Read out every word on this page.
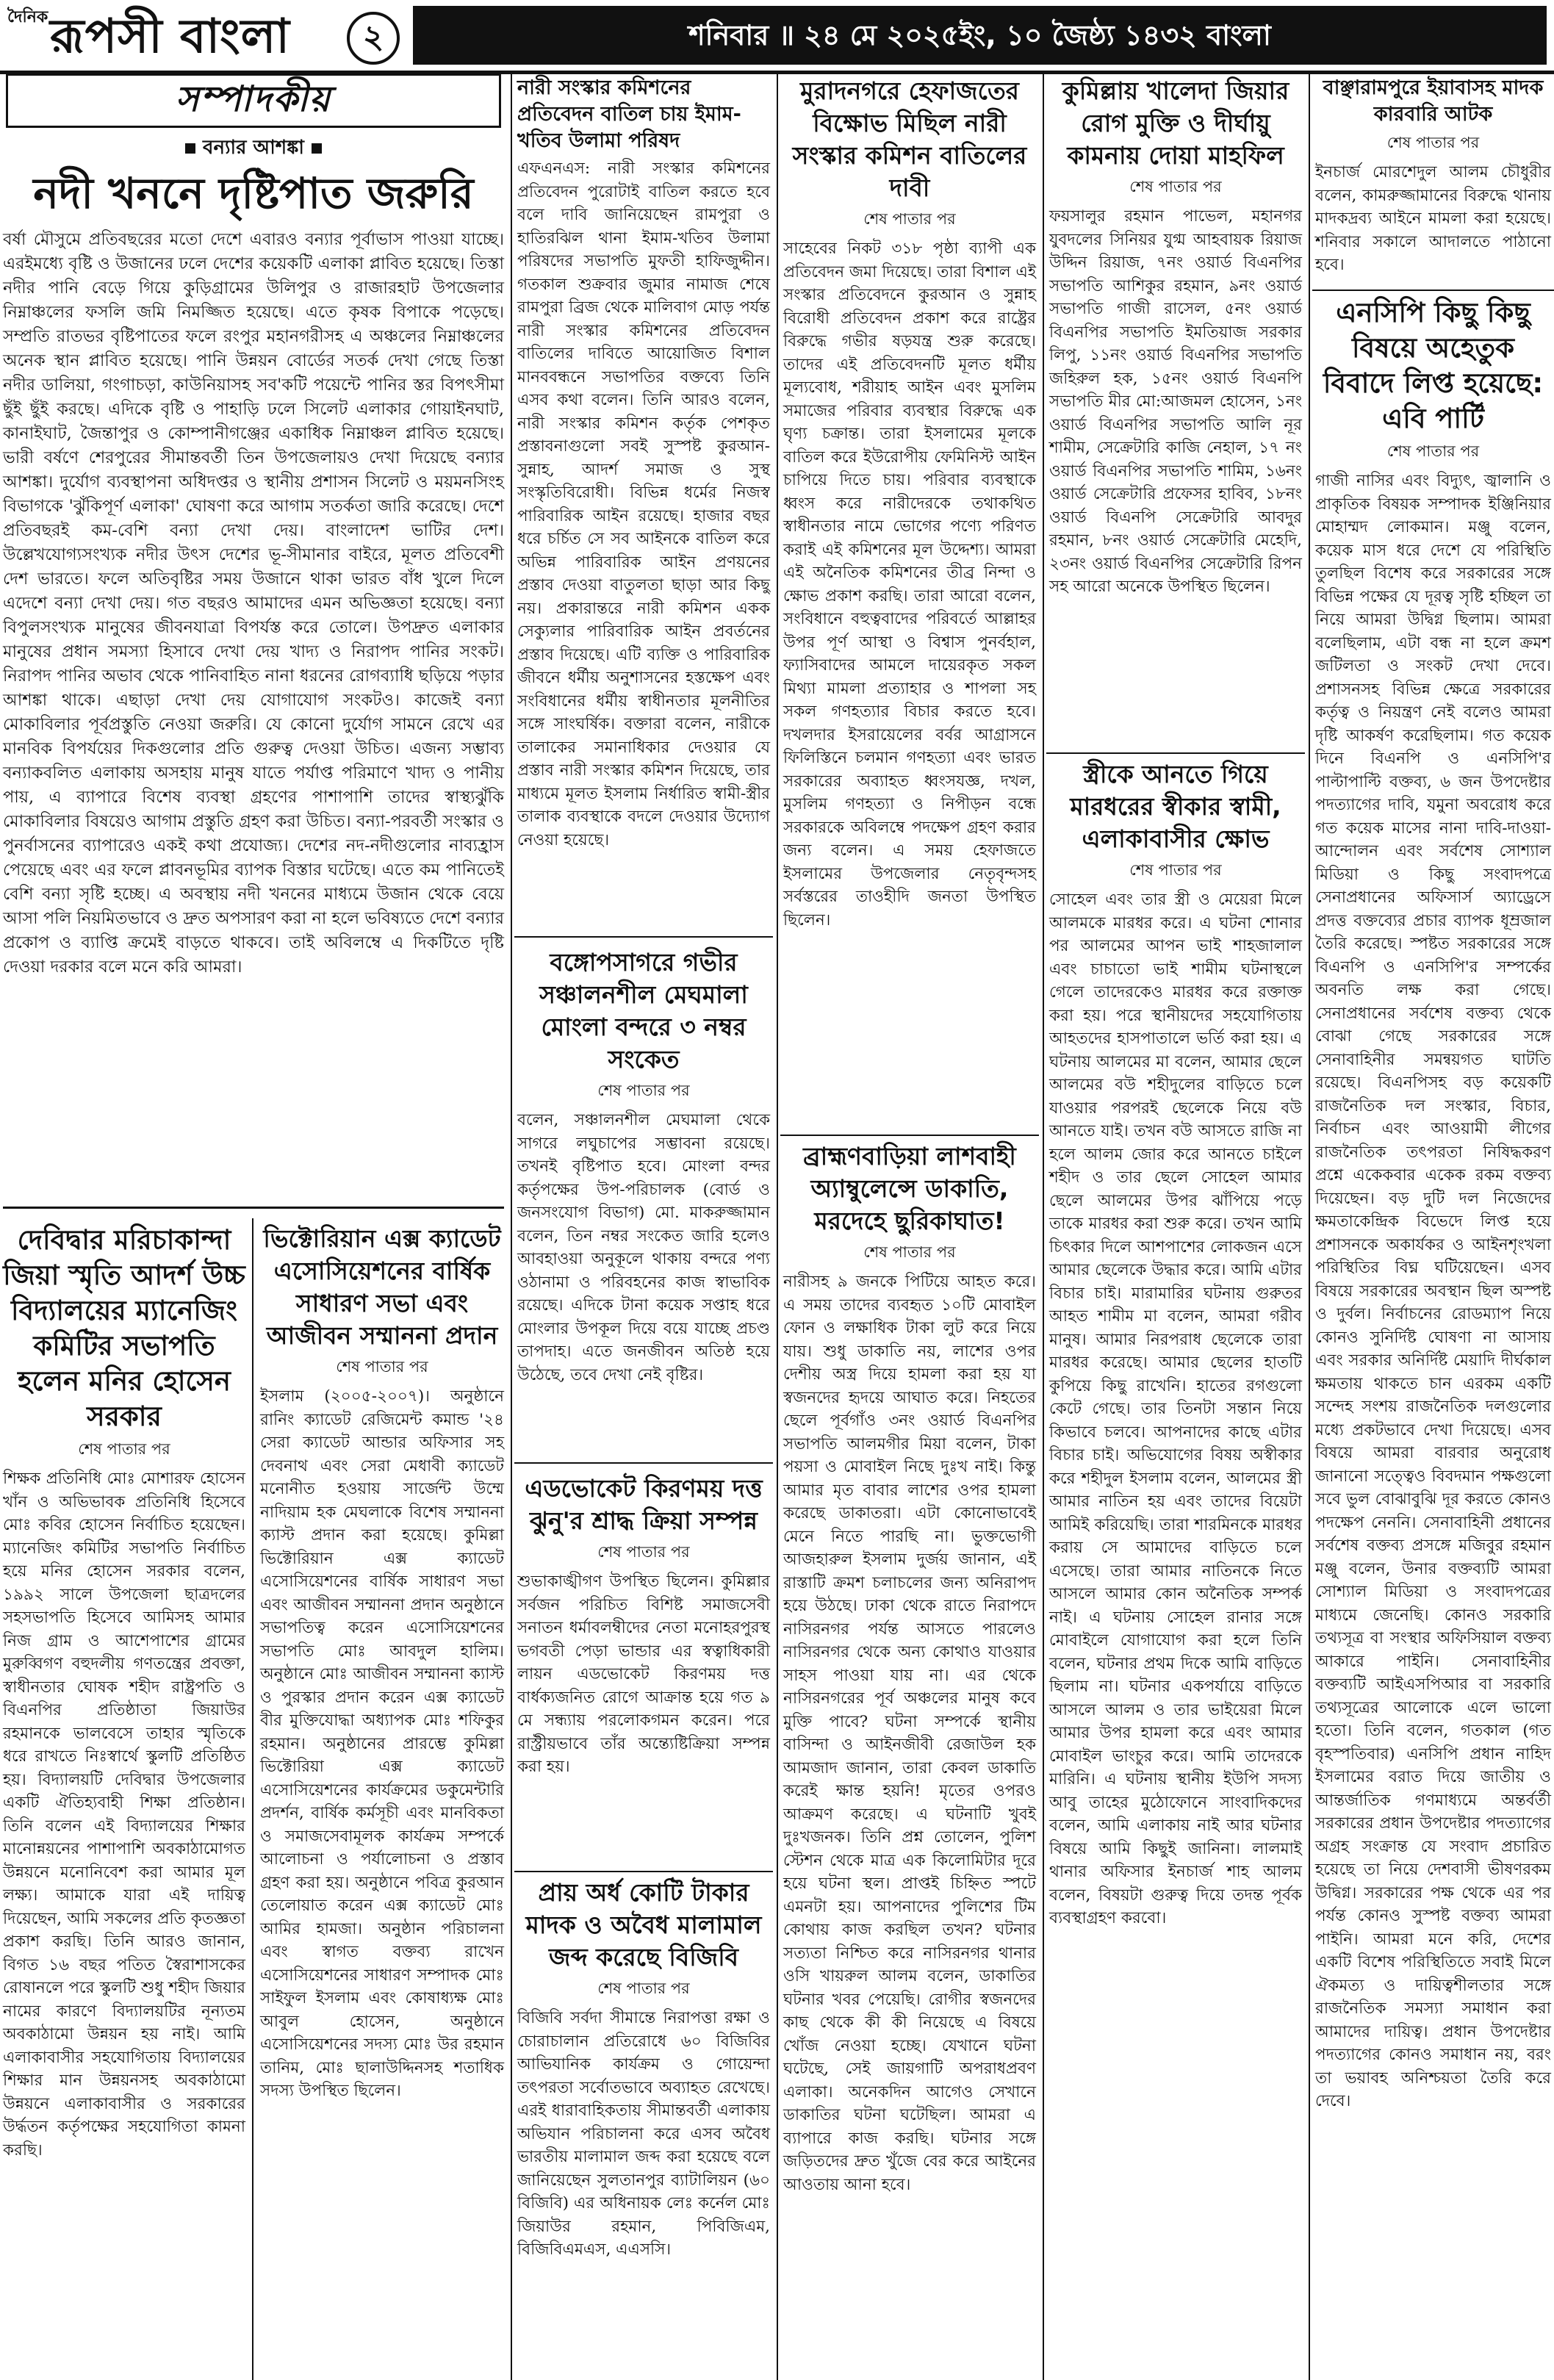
দৈনিক রূপসী বাংলা	২	শনিবার ॥ ২৪ মে ২০২৫ইং, ১০ জৈষ্ঠ্য ১৪৩২ বাংলা
সম্পাদকীয়
বন্যার আশঙ্কা
নদী খননে দৃষ্টিপাত জরুরি

বর্ষা মৌসুমে প্রতিবছরের মতো দেশে এবারও বন্যার পূর্বাভাস পাওয়া যাচ্ছে। এরইমধ্যে বৃষ্টি ও উজানের ঢলে দেশের কয়েকটি এলাকা প্লাবিত হয়েছে। তিস্তা নদীর পানি বেড়ে গিয়ে কুড়িগ্রামের উলিপুর ও রাজারহাট উপজেলার নিম্নাঞ্চলের ফসলি জমি নিমজ্জিত হয়েছে। এতে কৃষক বিপাকে পড়েছে। সম্প্রতি রাতভর বৃষ্টিপাতের ফলে রংপুর মহানগরীসহ এ অঞ্চলের নিম্নাঞ্চলের অনেক স্থান প্লাবিত হয়েছে। পানি উন্নয়ন বোর্ডের সতর্ক দেখা গেছে তিস্তা নদীর ডালিয়া, গংগাচড়া, কাউনিয়াসহ সব'কটি পয়েন্টে পানির স্তর বিপৎসীমা ছুঁই ছুঁই করছে। এদিকে বৃষ্টি ও পাহাড়ি ঢলে সিলেট এলাকার গোয়াইনঘাট, কানাইঘাট, জৈন্তাপুর ও কোম্পানীগঞ্জের একাধিক নিম্নাঞ্চল প্লাবিত হয়েছে। ভারী বর্ষণে শেরপুরের সীমান্তবর্তী তিন উপজেলায়ও দেখা দিয়েছে বন্যার আশঙ্কা। দুর্যোগ ব্যবস্থাপনা অধিদপ্তর ও স্থানীয় প্রশাসন সিলেট ও ময়মনসিংহ বিভাগকে 'ঝুঁকিপূর্ণ এলাকা' ঘোষণা করে আগাম সতর্কতা জারি করেছে। দেশে প্রতিবছরই কম-বেশি বন্যা দেখা দেয়। বাংলাদেশ ভাটির দেশ। উল্লেখযোগ্যসংখ্যক নদীর উৎস দেশের ভূ-সীমানার বাইরে, মূলত প্রতিবেশী দেশ ভারতে। ফলে অতিবৃষ্টির সময় উজানে থাকা ভারত বাঁধ খুলে দিলে এদেশে বন্যা দেখা দেয়। গত বছরও আমাদের এমন অভিজ্ঞতা হয়েছে। বন্যা বিপুলসংখ্যক মানুষের জীবনযাত্রা বিপর্যস্ত করে তোলে। উপদ্রুত এলাকার মানুষের প্রধান সমস্যা হিসাবে দেখা দেয় খাদ্য ও নিরাপদ পানির সংকট। নিরাপদ পানির অভাব থেকে পানিবাহিত নানা ধরনের রোগব্যাধি ছড়িয়ে পড়ার আশঙ্কা থাকে। এছাড়া দেখা দেয় যোগাযোগ সংকটও। কাজেই বন্যা মোকাবিলার পূর্বপ্রস্তুতি নেওয়া জরুরি। যে কোনো দুর্যোগ সামনে রেখে এর মানবিক বিপর্যয়ের দিকগুলোর প্রতি গুরুত্ব দেওয়া উচিত। এজন্য সম্ভাব্য বন্যাকবলিত এলাকায় অসহায় মানুষ যাতে পর্যাপ্ত পরিমাণে খাদ্য ও পানীয় পায়, এ ব্যাপারে বিশেষ ব্যবস্থা গ্রহণের পাশাপাশি তাদের স্বাস্থ্যঝুঁকি মোকাবিলার বিষয়েও আগাম প্রস্তুতি গ্রহণ করা উচিত। বন্যা-পরবর্তী সংস্কার ও পুনর্বাসনের ব্যাপারেও একই কথা প্রযোজ্য। দেশের নদ-নদীগুলোর নাব্যহ্রাস পেয়েছে এবং এর ফলে প্লাবনভূমির ব্যাপক বিস্তার ঘটেছে। এতে কম পানিতেই বেশি বন্যা সৃষ্টি হচ্ছে। এ অবস্থায় নদী খননের মাধ্যমে উজান থেকে বেয়ে আসা পলি নিয়মিতভাবে ও দ্রুত অপসারণ করা না হলে ভবিষ্যতে দেশে বন্যার প্রকোপ ও ব্যাপ্তি ক্রমেই বাড়তে থাকবে। তাই অবিলম্বে এ দিকটিতে দৃষ্টি দেওয়া দরকার বলে মনে করি আমরা।

দেবিদ্বার মরিচাকান্দা জিয়া স্মৃতি আদর্শ উচ্চ বিদ্যালয়ের ম্যানেজিং কমিটির সভাপতি হলেন মনির হোসেন সরকার
শেষ পাতার পর

শিক্ষক প্রতিনিধি মোঃ মোশারফ হোসেন খাঁন ও অভিভাবক প্রতিনিধি হিসেবে মোঃ কবির হোসেন নির্বাচিত হয়েছেন। ম্যানেজিং কমিটির সভাপতি নির্বাচিত হয়ে মনির হোসেন সরকার বলেন, ১৯৯২ সালে উপজেলা ছাত্রদলের সহসভাপতি হিসেবে আমিসহ আমার নিজ গ্রাম ও আশেপাশের গ্রামের মুরুব্বিগণ বহুদলীয় গণতন্ত্রের প্রবক্তা, স্বাধীনতার ঘোষক শহীদ রাষ্ট্রপতি ও বিএনপির প্রতিষ্ঠাতা জিয়াউর রহমানকে ভালবেসে তাহার স্মৃতিকে ধরে রাখতে নিঃস্বার্থে স্কুলটি প্রতিষ্ঠিত হয়। বিদ্যালয়টি দেবিদ্বার উপজেলার একটি ঐতিহ্যবাহী শিক্ষা প্রতিষ্ঠান। তিনি বলেন এই বিদ্যালয়ের শিক্ষার মানোন্নয়নের পাশাপাশি অবকাঠামোগত উন্নয়নে মনোনিবেশ করা আমার মূল লক্ষ্য। আমাকে যারা এই দায়িত্ব দিয়েছেন, আমি সকলের প্রতি কৃতজ্ঞতা প্রকাশ করছি। তিনি আরও জানান, বিগত ১৬ বছর পতিত স্বৈরাশাসকের রোষানলে পরে স্কুলটি শুধু শহীদ জিয়ার নামের কারণে বিদ্যালয়টির নূন্যতম অবকাঠামো উন্নয়ন হয় নাই। আমি এলাকাবাসীর সহযোগিতায় বিদ্যালয়ের শিক্ষার মান উন্নয়নসহ অবকাঠামো উন্নয়নে এলাকাবাসীর ও সরকারের উর্দ্ধতন কর্তৃপক্ষের সহযোগিতা কামনা করছি।

ভিক্টোরিয়ান এক্স ক্যাডেট এসোসিয়েশনের বার্ষিক সাধারণ সভা এবং আজীবন সম্মাননা প্রদান
শেষ পাতার পর

ইসলাম (২০০৫-২০০৭)। অনুষ্ঠানে রানিং ক্যাডেট রেজিমেন্ট কমান্ড '২৪ সেরা ক্যাডেট আন্ডার অফিসার সহ দেবনাথ এবং সেরা মেধাবী ক্যাডেট মনোনীত হওয়ায় সার্জেন্ট উম্মে নাদিয়াম হক মেঘলাকে বিশেষ সম্মাননা ক্যাস্ট প্রদান করা হয়েছে। কুমিল্লা ভিক্টোরিয়ান এক্স ক্যাডেট এসোসিয়েশনের বার্ষিক সাধারণ সভা এবং আজীবন সম্মাননা প্রদান অনুষ্ঠানে সভাপতিত্ব করেন এসোসিয়েশনের সভাপতি মোঃ আবদুল হালিম। অনুষ্ঠানে মোঃ আজীবন সম্মাননা ক্যাস্ট ও পুরস্কার প্রদান করেন এক্স ক্যাডেট বীর মুক্তিযোদ্ধা অধ্যাপক মোঃ শফিকুর রহমান। অনুষ্ঠানের প্রারম্ভে কুমিল্লা ভিক্টোরিয়া এক্স ক্যাডেট এসোসিয়েশনের কার্যক্রমের ডকুমেন্টারি প্রদর্শন, বার্ষিক কর্মসূচী এবং মানবিকতা ও সমাজসেবামূলক কার্যক্রম সম্পর্কে আলোচনা ও পর্যালোচনা ও প্রস্তাব গ্রহণ করা হয়। অনুষ্ঠানে পবিত্র কুরআন তেলোয়াত করেন এক্স ক্যাডেট মোঃ আমির হামজা। অনুষ্ঠান পরিচালনা এবং স্বাগত বক্তব্য রাখেন এসোসিয়েশনের সাধারণ সম্পাদক মোঃ সাইফুল ইসলাম এবং কোষাধ্যক্ষ মোঃ আবুল হোসেন, অনুষ্ঠানে এসোসিয়েশনের সদস্য মোঃ উর রহমান তানিম, মোঃ ছালাউদ্দিনসহ শতাধিক সদস্য উপস্থিত ছিলেন।

নারী সংস্কার কমিশনের প্রতিবেদন বাতিল চায় ইমাম-খতিব উলামা পরিষদ

এফএনএস: নারী সংস্কার কমিশনের প্রতিবেদন পুরোটাই বাতিল করতে হবে বলে দাবি জানিয়েছেন রামপুরা ও হাতিরঝিল থানা ইমাম-খতিব উলামা পরিষদের সভাপতি মুফতী হাফিজুদ্দীন। গতকাল শুক্রবার জুমার নামাজ শেষে রামপুরা ব্রিজ থেকে মালিবাগ মোড় পর্যন্ত নারী সংস্কার কমিশনের প্রতিবেদন বাতিলের দাবিতে আয়োজিত বিশাল মানববন্ধনে সভাপতির বক্তব্যে তিনি এসব কথা বলেন। তিনি আরও বলেন, নারী সংস্কার কমিশন কর্তৃক পেশকৃত প্রস্তাবনাগুলো সবই সুস্পষ্ট কুরআন-সুন্নাহ, আদর্শ সমাজ ও সুস্থ সংস্কৃতিবিরোধী। বিভিন্ন ধর্মের নিজস্ব পারিবারিক আইন রয়েছে। হাজার বছর ধরে চর্চিত সে সব আইনকে বাতিল করে অভিন্ন পারিবারিক আইন প্রণয়নের প্রস্তাব দেওয়া বাতুলতা ছাড়া আর কিছু নয়। প্রকারান্তরে নারী কমিশন একক সেক্যুলার পারিবারিক আইন প্রবর্তনের প্রস্তাব দিয়েছে। এটি ব্যক্তি ও পারিবারিক জীবনে ধর্মীয় অনুশাসনের হস্তক্ষেপ এবং সংবিধানের ধর্মীয় স্বাধীনতার মূলনীতির সঙ্গে সাংঘর্ষিক। বক্তারা বলেন, নারীকে তালাকের সমানাধিকার দেওয়ার যে প্রস্তাব নারী সংস্কার কমিশন দিয়েছে, তার মাধ্যমে মূলত ইসলাম নির্ধারিত স্বামী-স্ত্রীর তালাক ব্যবস্থাকে বদলে দেওয়ার উদ্যোগ নেওয়া হয়েছে।

বঙ্গোপসাগরে গভীর সঞ্চালনশীল মেঘমালা মোংলা বন্দরে ৩ নম্বর সংকেত
শেষ পাতার পর

বলেন, সঞ্চালনশীল মেঘমালা থেকে সাগরে লঘুচাপের সম্ভাবনা রয়েছে। তখনই বৃষ্টিপাত হবে। মোংলা বন্দর কর্তৃপক্ষের উপ-পরিচালক (বোর্ড ও জনসংযোগ বিভাগ) মো. মাকরুজ্জামান বলেন, তিন নম্বর সংকেত জারি হলেও আবহাওয়া অনুকূলে থাকায় বন্দরে পণ্য ওঠানামা ও পরিবহনের কাজ স্বাভাবিক রয়েছে। এদিকে টানা কয়েক সপ্তাহ ধরে মোংলার উপকূল দিয়ে বয়ে যাচ্ছে প্রচণ্ড তাপদাহ। এতে জনজীবন অতিষ্ঠ হয়ে উঠেছে, তবে দেখা নেই বৃষ্টির।

এডভোকেট কিরণময় দত্ত ঝুনু'র শ্রাদ্ধ ক্রিয়া সম্পন্ন
শেষ পাতার পর

শুভাকাঙ্খীগণ উপস্থিত ছিলেন। কুমিল্লার সর্বজন পরিচিত বিশিষ্ট সমাজসেবী সনাতন ধর্মাবলম্বীদের নেতা মনোহরপুরস্থ ভগবতী পেড়া ভান্ডার এর স্বত্বাধিকারী লায়ন এডভোকেট কিরণময় দত্ত বার্ধক্যজনিত রোগে আক্রান্ত হয়ে গত ৯ মে সন্ধ্যায় পরলোকগমন করেন। পরে রাস্ট্রীয়ভাবে তাঁর অন্ত্যেষ্টিক্রিয়া সম্পন্ন করা হয়।

প্রায় অর্ধ কোটি টাকার মাদক ও অবৈধ মালামাল জব্দ করেছে বিজিবি
শেষ পাতার পর

বিজিবি সর্বদা সীমান্তে নিরাপত্তা রক্ষা ও চোরাচালান প্রতিরোধে ৬০ বিজিবির আভিযানিক কার্যক্রম ও গোয়েন্দা তৎপরতা সর্বোতভাবে অব্যাহত রেখেছে। এরই ধারাবাহিকতায় সীমান্তবর্তী এলাকায় অভিযান পরিচালনা করে এসব অবৈধ ভারতীয় মালামাল জব্দ করা হয়েছে বলে জানিয়েছেন সুলতানপুর ব্যাটালিয়ন (৬০ বিজিবি) এর অধিনায়ক লেঃ কর্নেল মোঃ জিয়াউর রহমান, পিবিজিএম, বিজিবিএমএস, এএসসি।

মুরাদনগরে হেফাজতের বিক্ষোভ মিছিল নারী সংস্কার কমিশন বাতিলের দাবী
শেষ পাতার পর

সাহেবের নিকট ৩১৮ পৃষ্ঠা ব্যাপী এক প্রতিবেদন জমা দিয়েছে। তারা বিশাল এই সংস্কার প্রতিবেদনে কুরআন ও সুন্নাহ বিরোধী প্রতিবেদন প্রকাশ করে রাষ্ট্রের বিরুদ্ধে গভীর ষড়যন্ত্র শুরু করেছে। তাদের এই প্রতিবেদনটি মূলত ধর্মীয় মূল্যবোধ, শরীয়াহ আইন এবং মুসলিম সমাজের পরিবার ব্যবস্থার বিরুদ্ধে এক ঘৃণ্য চক্রান্ত। তারা ইসলামের মূলকে বাতিল করে ইউরোপীয় ফেমিনিস্ট আইন চাপিয়ে দিতে চায়। পরিবার ব্যবস্থাকে ধ্বংস করে নারীদেরকে তথাকথিত স্বাধীনতার নামে ভোগের পণ্যে পরিণত করাই এই কমিশনের মূল উদ্দেশ্য। আমরা এই অনৈতিক কমিশনের তীব্র নিন্দা ও ক্ষোভ প্রকাশ করছি। তারা আরো বলেন, সংবিধানে বহুত্ববাদের পরিবর্তে আল্লাহর উপর পূর্ণ আস্থা ও বিশ্বাস পুনর্বহাল, ফ্যাসিবাদের আমলে দায়েরকৃত সকল মিথ্যা মামলা প্রত্যাহার ও শাপলা সহ সকল গণহত্যার বিচার করতে হবে। দখলদার ইসরায়েলের বর্বর আগ্রাসনে ফিলিস্তিনে চলমান গণহত্যা এবং ভারত সরকারের অব্যাহত ধ্বংসযজ্ঞ, দখল, মুসলিম গণহত্যা ও নিপীড়ন বন্ধে সরকারকে অবিলম্বে পদক্ষেপ গ্রহণ করার জন্য বলেন। এ সময় হেফাজতে ইসলামের উপজেলার নেতৃবৃন্দসহ সর্বস্তরের তাওহীদি জনতা উপস্থিত ছিলেন।

ব্রাহ্মণবাড়িয়া লাশবাহী অ্যাম্বুলেন্সে ডাকাতি, মরদেহে ছুরিকাঘাত!
শেষ পাতার পর

নারীসহ ৯ জনকে পিটিয়ে আহত করে। এ সময় তাদের ব্যবহৃত ১০টি মোবাইল ফোন ও লক্ষাধিক টাকা লুট করে নিয়ে যায়। শুধু ডাকাতি নয়, লাশের ওপর দেশীয় অস্ত্র দিয়ে হামলা করা হয় যা স্বজনদের হৃদয়ে আঘাত করে। নিহতের ছেলে পূর্বগাঁও ৩নং ওয়ার্ড বিএনপির সভাপতি আলমগীর মিয়া বলেন, টাকা পয়সা ও মোবাইল নিছে দুঃখ নাই। কিন্তু আমার মৃত বাবার লাশের ওপর হামলা করেছে ডাকাতরা। এটা কোনোভাবেই মেনে নিতে পারছি না। ভুক্তভোগী আজহারুল ইসলাম দুর্জয় জানান, এই রাস্তাটি ক্রমশ চলাচলের জন্য অনিরাপদ হয়ে উঠছে। ঢাকা থেকে রাতে নিরাপদে নাসিরনগর পর্যন্ত আসতে পারলেও নাসিরনগর থেকে অন্য কোথাও যাওয়ার সাহস পাওয়া যায় না। এর থেকে নাসিরনগরের পূর্ব অঞ্চলের মানুষ কবে মুক্তি পাবে? ঘটনা সম্পর্কে স্থানীয় বাসিন্দা ও আইনজীবী রেজাউল হক আমজাদ জানান, তারা কেবল ডাকাতি করেই ক্ষান্ত হয়নি! মৃতের ওপরও আক্রমণ করেছে। এ ঘটনাটি খুবই দুঃখজনক। তিনি প্রশ্ন তোলেন, পুলিশ স্টেশন থেকে মাত্র এক কিলোমিটার দূরে হয়ে ঘটনা স্থল। প্রাপ্তই চিহ্নিত স্পটে এমনটা হয়। আপনাদের পুলিশের টিম কোথায় কাজ করছিল তখন? ঘটনার সত্যতা নিশ্চিত করে নাসিরনগর থানার ওসি খায়রুল আলম বলেন, ডাকাতির ঘটনার খবর পেয়েছি। রোগীর স্বজনদের কাছ থেকে কী কী নিয়েছে এ বিষয়ে খোঁজ নেওয়া হচ্ছে। যেখানে ঘটনা ঘটেছে, সেই জায়গাটি অপরাধপ্রবণ এলাকা। অনেকদিন আগেও সেখানে ডাকাতির ঘটনা ঘটেছিল। আমরা এ ব্যাপারে কাজ করছি। ঘটনার সঙ্গে জড়িতদের দ্রুত খুঁজে বের করে আইনের আওতায় আনা হবে।

কুমিল্লায় খালেদা জিয়ার রোগ মুক্তি ও দীর্ঘায়ু কামনায় দোয়া মাহফিল
শেষ পাতার পর

ফয়সালুর রহমান পাভেল, মহানগর যুবদলের সিনিয়র যুগ্ম আহবায়ক রিয়াজ উদ্দিন রিয়াজ, ৭নং ওয়ার্ড বিএনপির সভাপতি আশিকুর রহমান, ৯নং ওয়ার্ড সভাপতি গাজী রাসেল, ৫নং ওয়ার্ড বিএনপির সভাপতি ইমতিয়াজ সরকার লিপু, ১১নং ওয়ার্ড বিএনপির সভাপতি জহিরুল হক, ১৫নং ওয়ার্ড বিএনপি সভাপতি মীর মো:আজমল হোসেন, ১নং ওয়ার্ড বিএনপির সভাপতি আলি নূর শামীম, সেক্রেটারি কাজি নেহাল, ১৭ নং ওয়ার্ড বিএনপির সভাপতি শামিম, ১৬নং ওয়ার্ড সেক্রেটারি প্রফেসর হাবিব, ১৮নং ওয়ার্ড বিএনপি সেক্রেটারি আবদুর রহমান, ৮নং ওয়ার্ড সেক্রেটারি মেহেদি, ২৩নং ওয়ার্ড বিএনপির সেক্রেটারি রিপন সহ আরো অনেকে উপস্থিত ছিলেন।

স্ত্রীকে আনতে গিয়ে মারধরের স্বীকার স্বামী, এলাকাবাসীর ক্ষোভ
শেষ পাতার পর

সোহেল এবং তার স্ত্রী ও মেয়েরা মিলে আলমকে মারধর করে। এ ঘটনা শোনার পর আলমের আপন ভাই শাহজালাল এবং চাচাতো ভাই শামীম ঘটনাস্থলে গেলে তাদেরকেও মারধর করে রক্তাক্ত করা হয়। পরে স্থানীয়দের সহযোগিতায় আহতদের হাসপাতালে ভর্তি করা হয়। এ ঘটনায় আলমের মা বলেন, আমার ছেলে আলমের বউ শহীদুলের বাড়িতে চলে যাওয়ার পরপরই ছেলেকে নিয়ে বউ আনতে যাই। তখন বউ আসতে রাজি না হলে আলম জোর করে আনতে চাইলে শহীদ ও তার ছেলে সোহেল আমার ছেলে আলমের উপর ঝাঁপিয়ে পড়ে তাকে মারধর করা শুরু করে। তখন আমি চিৎকার দিলে আশপাশের লোকজন এসে আমার ছেলেকে উদ্ধার করে। আমি এটার বিচার চাই। মারামারির ঘটনায় গুরুতর আহত শামীম মা বলেন, আমরা গরীব মানুষ। আমার নিরপরাধ ছেলেকে তারা মারধর করেছে। আমার ছেলের হাতটি কুপিয়ে কিছু রাখেনি। হাতের রগগুলো কেটে গেছে। তার তিনটা সন্তান নিয়ে কিভাবে চলবে। আপনাদের কাছে এটার বিচার চাই। অভিযোগের বিষয় অস্বীকার করে শহীদুল ইসলাম বলেন, আলমের স্ত্রী আমার নাতিন হয় এবং তাদের বিয়েটা আমিই করিয়েছি। তারা শারমিনকে মারধর করায় সে আমাদের বাড়িতে চলে এসেছে। তারা আমার নাতিনকে নিতে আসলে আমার কোন অনৈতিক সম্পর্ক নাই। এ ঘটনায় সোহেল রানার সঙ্গে মোবাইলে যোগাযোগ করা হলে তিনি বলেন, ঘটনার প্রথম দিকে আমি বাড়িতে ছিলাম না। ঘটনার একপর্যায়ে বাড়িতে আসলে আলম ও তার ভাইয়েরা মিলে আমার উপর হামলা করে এবং আমার মোবাইল ভাংচুর করে। আমি তাদেরকে মারিনি। এ ঘটনায় স্থানীয় ইউপি সদস্য আবু তাহের মুঠোফোনে সাংবাদিকদের বলেন, আমি এলাকায় নাই আর ঘটনার বিষয়ে আমি কিছুই জানিনা। লালমাই থানার অফিসার ইনচার্জ শাহ আলম বলেন, বিষয়টা গুরুত্ব দিয়ে তদন্ত পূর্বক ব্যবস্থাগ্রহণ করবো।

বাঞ্ছারামপুরে ইয়াবাসহ মাদক কারবারি আটক
শেষ পাতার পর

ইনচার্জ মোরশেদুল আলম চৌধুরীর বলেন, কামরুজ্জামানের বিরুদ্ধে থানায় মাদকদ্রব্য আইনে মামলা করা হয়েছে। শনিবার সকালে আদালতে পাঠানো হবে।

এনসিপি কিছু কিছু বিষয়ে অহেতুক বিবাদে লিপ্ত হয়েছে: এবি পার্টি
শেষ পাতার পর

গাজী নাসির এবং বিদ্যুৎ, জ্বালানি ও প্রাকৃতিক বিষয়ক সম্পাদক ইঞ্জিনিয়ার মোহাম্মদ লোকমান। মঞ্জু বলেন, কয়েক মাস ধরে দেশে যে পরিস্থিতি তুলছিল বিশেষ করে সরকারের সঙ্গে বিভিন্ন পক্ষের যে দূরত্ব সৃষ্টি হচ্ছিল তা নিয়ে আমরা উদ্বিগ্ন ছিলাম। আমরা বলেছিলাম, এটা বন্ধ না হলে ক্রমশ জটিলতা ও সংকট দেখা দেবে। প্রশাসনসহ বিভিন্ন ক্ষেত্রে সরকারের কর্তৃত্ব ও নিয়ন্ত্রণ নেই বলেও আমরা দৃষ্টি আকর্ষণ করেছিলাম। গত কয়েক দিনে বিএনপি ও এনসিপি'র পাল্টাপাল্টি বক্তব্য, ৬ জন উপদেষ্টার পদত্যাগের দাবি, যমুনা অবরোধ করে গত কয়েক মাসের নানা দাবি-দাওয়া-আন্দোলন এবং সর্বশেষ সোশ্যাল মিডিয়া ও কিছু সংবাদপত্রে সেনাপ্রধানের অফিসার্স অ্যাড্রেসে প্রদত্ত বক্তব্যের প্রচার ব্যাপক ধূম্রজাল তৈরি করেছে। স্পষ্টত সরকারের সঙ্গে বিএনপি ও এনসিপি'র সম্পর্কের অবনতি লক্ষ করা গেছে। সেনাপ্রধানের সর্বশেষ বক্তব্য থেকে বোঝা গেছে সরকারের সঙ্গে সেনাবাহিনীর সমন্বয়গত ঘাটতি রয়েছে। বিএনপিসহ বড় কয়েকটি রাজনৈতিক দল সংস্কার, বিচার, নির্বাচন এবং আওয়ামী লীগের রাজনৈতিক তৎপরতা নিষিদ্ধকরণ প্রশ্নে একেকবার একেক রকম বক্তব্য দিয়েছেন। বড় দুটি দল নিজেদের ক্ষমতাকেন্দ্রিক বিভেদে লিপ্ত হয়ে প্রশাসনকে অকার্যকর ও আইনশৃংখলা পরিস্থিতির বিঘ্ন ঘটিয়েছেন। এসব বিষয়ে সরকারের অবস্থান ছিল অস্পষ্ট ও দুর্বল। নির্বাচনের রোডম্যাপ নিয়ে কোনও সুনির্দিষ্ট ঘোষণা না আসায় এবং সরকার অনির্দিষ্ট মেয়াদি দীর্ঘকাল ক্ষমতায় থাকতে চান এরকম একটি সন্দেহ সংশয় রাজনৈতিক দলগুলোর মধ্যে প্রকটভাবে দেখা দিয়েছে। এসব বিষয়ে আমরা বারবার অনুরোধ জানানো সত্ত্বেও বিবদমান পক্ষগুলো সবে ভুল বোঝাবুঝি দূর করতে কোনও পদক্ষেপ নেননি। সেনাবাহিনী প্রধানের সর্বশেষ বক্তব্য প্রসঙ্গে মজিবুর রহমান মঞ্জু বলেন, উনার বক্তব্যটি আমরা সোশ্যাল মিডিয়া ও সংবাদপত্রের মাধ্যমে জেনেছি। কোনও সরকারি তথ্যসূত্র বা সংস্থার অফিসিয়াল বক্তব্য আকারে পাইনি। সেনাবাহিনীর বক্তব্যটি আইএসপিআর বা সরকারি তথ্যসূত্রের আলোকে এলে ভালো হতো। তিনি বলেন, গতকাল (গত বৃহস্পতিবার) এনসিপি প্রধান নাহিদ ইসলামের বরাত দিয়ে জাতীয় ও আন্তর্জাতিক গণমাধ্যমে অন্তর্বর্তী সরকারের প্রধান উপদেষ্টার পদত্যাগের অগ্রহ সংক্রান্ত যে সংবাদ প্রচারিত হয়েছে তা নিয়ে দেশবাসী ভীষণরকম উদ্বিগ্ন। সরকারের পক্ষ থেকে এর পর পর্যন্ত কোনও সুস্পষ্ট বক্তব্য আমরা পাইনি। আমরা মনে করি, দেশের একটি বিশেষ পরিস্থিতিতে সবাই মিলে ঐকমত্য ও দায়িত্বশীলতার সঙ্গে রাজনৈতিক সমস্যা সমাধান করা আমাদের দায়িত্ব। প্রধান উপদেষ্টার পদত্যাগের কোনও সমাধান নয়, বরং তা ভয়াবহ অনিশ্চয়তা তৈরি করে দেবে।
